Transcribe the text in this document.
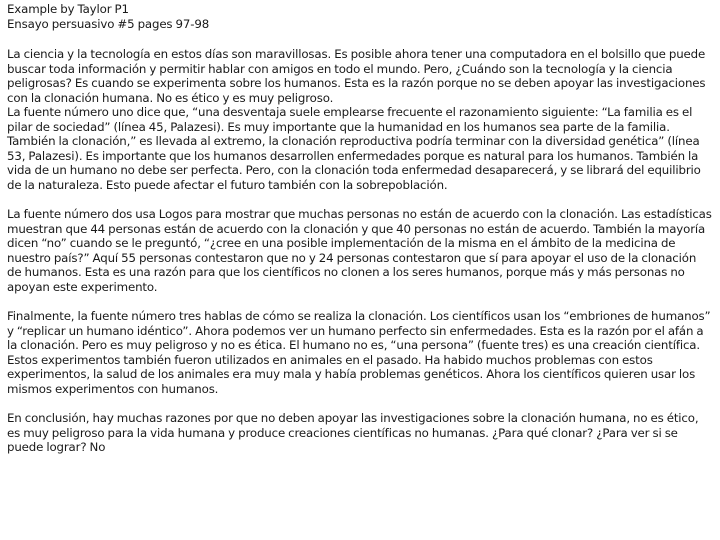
Example by Taylor P1

Ensayo persuasivo #5 pages 97-98

La ciencia y la tecnología en estos días son maravillosas. Es posible ahora tener una computadora en el bolsillo que puede buscar toda información y permitir hablar con amigos en todo el mundo. Pero, ¿Cuándo son la tecnología y la ciencia peligrosas? Es cuando se experimenta sobre los humanos. Esta es la razón porque no se deben apoyar las investigaciones con la clonación humana. No es ético y es muy peligroso.

La fuente número uno dice que, “una desventaja suele emplearse frecuente el razonamiento siguiente: “La familia es el pilar de sociedad” (línea 45, Palazesi). Es muy importante que la humanidad en los humanos sea parte de la familia. También la clonación,” es llevada al extremo, la clonación reproductiva podría terminar con la diversidad genética” (línea 53, Palazesi). Es importante que los humanos desarrollen enfermedades porque es natural para los humanos. También la vida de un humano no debe ser perfecta. Pero, con la clonación toda enfermedad desaparecerá, y se librará del equilibrio de la naturaleza. Esto puede afectar el futuro también con la sobrepoblación.

La fuente número dos usa Logos para mostrar que muchas personas no están de acuerdo con la clonación. Las estadísticas muestran que 44 personas están de acuerdo con la clonación y que 40 personas no están de acuerdo. También la mayoría dicen “no” cuando se le preguntó, “¿cree en una posible implementación de la misma en el ámbito de la medicina de nuestro país?” Aquí 55 personas contestaron que no y 24 personas contestaron que sí para apoyar el uso de la clonación de humanos. Esta es una razón para que los científicos no clonen a los seres humanos, porque más y más personas no apoyan este experimento.

Finalmente, la fuente número tres hablas de cómo se realiza la clonación. Los científicos usan los “embriones de humanos” y “replicar un humano idéntico”. Ahora podemos ver un humano perfecto sin enfermedades. Esta es la razón por el afán a la clonación. Pero es muy peligroso y no es ética. El humano no es, “una persona” (fuente tres) es una creación científica. Estos experimentos también fueron utilizados en animales en el pasado. Ha habido muchos problemas con estos experimentos, la salud de los animales era muy mala y había problemas genéticos. Ahora los científicos quieren usar los mismos experimentos con humanos.

En conclusión, hay muchas razones por que no deben apoyar las investigaciones sobre la clonación humana, no es ético, es muy peligroso para la vida humana y produce creaciones científicas no humanas. ¿Para qué clonar? ¿Para ver si se puede lograr? No
